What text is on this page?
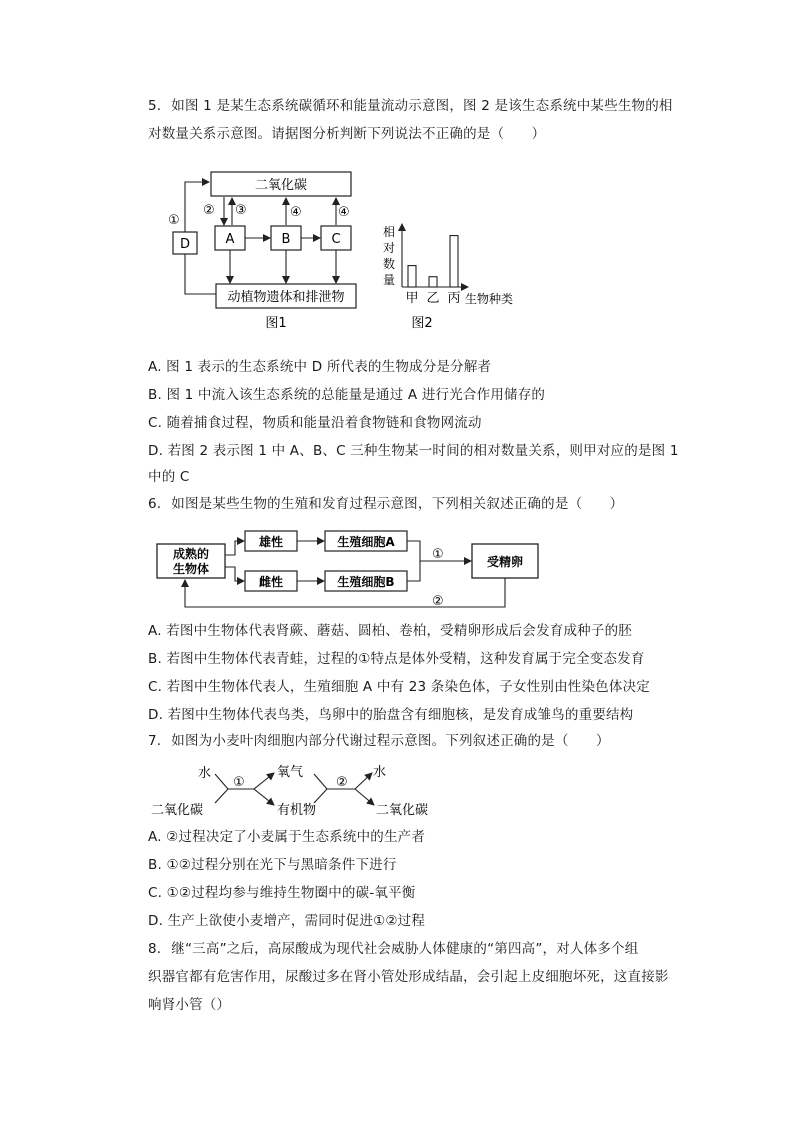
5. 如图 1 是某生态系统碳循环和能量流动示意图，图 2 是该生态系统中某些生物的相
对数量关系示意图。请据图分析判断下列说法不正确的是（　　）
二氧化碳
动植物遗体和排泄物
A	B	C
D
①
② ③	④	④
图1
相
对
数
量
生物种类
图2
甲 乙 丙
A. 图 1 表示的生态系统中 D 所代表的生物成分是分解者
B. 图 1 中流入该生态系统的总能量是通过 A 进行光合作用储存的
C. 随着捕食过程，物质和能量沿着食物链和食物网流动
D. 若图 2 表示图 1 中 A、B、C 三种生物某一时间的相对数量关系，则甲对应的是图 1
中的 C
6. 如图是某些生物的生殖和发育过程示意图，下列相关叙述正确的是（　　）
成熟的
生物体
雄性
雌性
生殖细胞A
生殖细胞B
受精卵
①
②
A. 若图中生物体代表肾蕨、蘑菇、圆柏、卷柏，受精卵形成后会发育成种子的胚
B. 若图中生物体代表青蛙，过程的①特点是体外受精，这种发育属于完全变态发育
C. 若图中生物体代表人，生殖细胞 A 中有 23 条染色体，子女性别由性染色体决定
D. 若图中生物体代表鸟类，鸟卵中的胎盘含有细胞核，是发育成雏鸟的重要结构
7. 如图为小麦叶肉细胞内部分代谢过程示意图。下列叙述正确的是（　　）
水
二氧化碳
①
氧气
有机物
②
水
二氧化碳
A. ②过程决定了小麦属于生态系统中的生产者
B. ①②过程分别在光下与黑暗条件下进行
C. ①②过程均参与维持生物圈中的碳-氧平衡
D. 生产上欲使小麦增产，需同时促进①②过程
8. 继“三高”之后，高尿酸成为现代社会威胁人体健康的“第四高”，对人体多个组
织器官都有危害作用，尿酸过多在肾小管处形成结晶，会引起上皮细胞坏死，这直接影
响肾小管（）
